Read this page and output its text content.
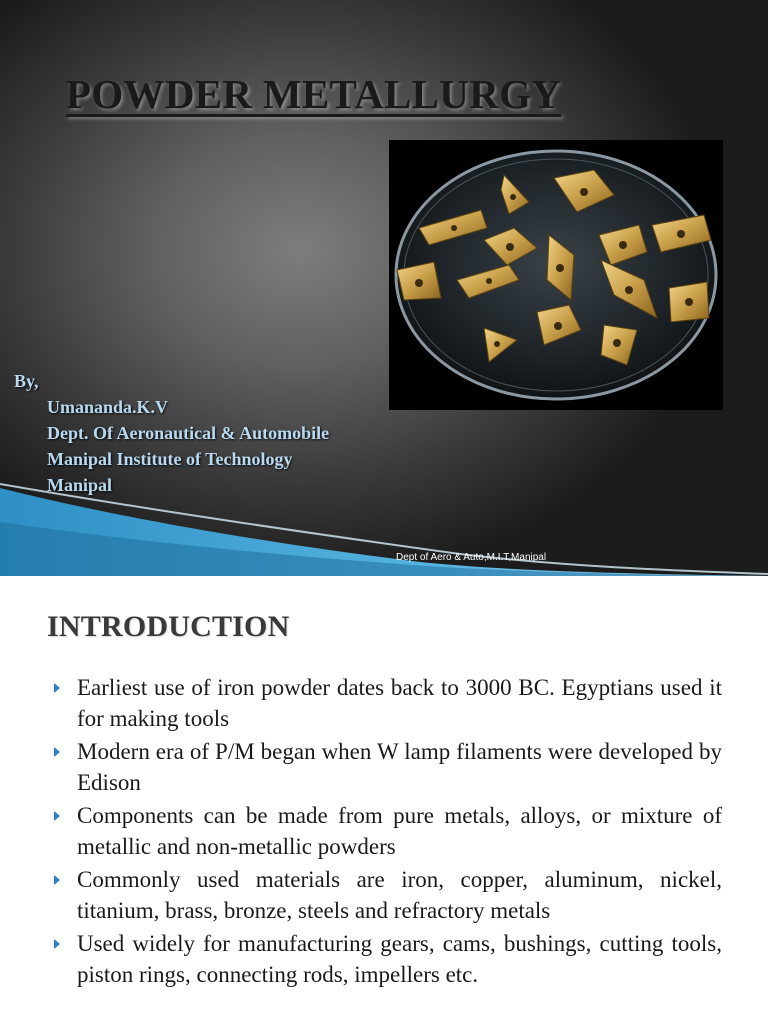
POWDER METALLURGY
By,
Umananda.K.V
Dept. Of Aeronautical & Automobile
Manipal Institute of Technology
Manipal
Dept of Aero & Auto,M.I.T,Manipal
INTRODUCTION
Earliest use of iron powder dates back to 3000 BC. Egyptians used it for making tools
Modern era of P/M began when W lamp filaments were developed by Edison
Components can be made from pure metals, alloys, or mixture of metallic and non-metallic powders
Commonly used materials are iron, copper, aluminum, nickel, titanium, brass, bronze, steels and refractory metals
Used widely for manufacturing gears, cams, bushings, cutting tools, piston rings, connecting rods, impellers etc.
